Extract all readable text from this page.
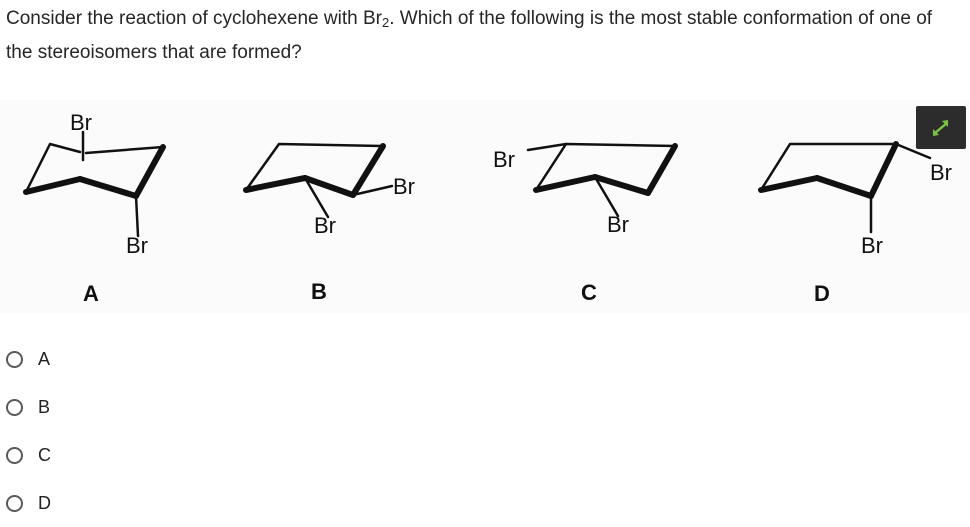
Consider the reaction of cyclohexene with $Br_2$. Which of the following is the most stable conformation of one of the stereoisomers that are formed?
Br
Br
A
Br
Br
B
Br
Br
C
Br
Br
D
A
B
C
D
